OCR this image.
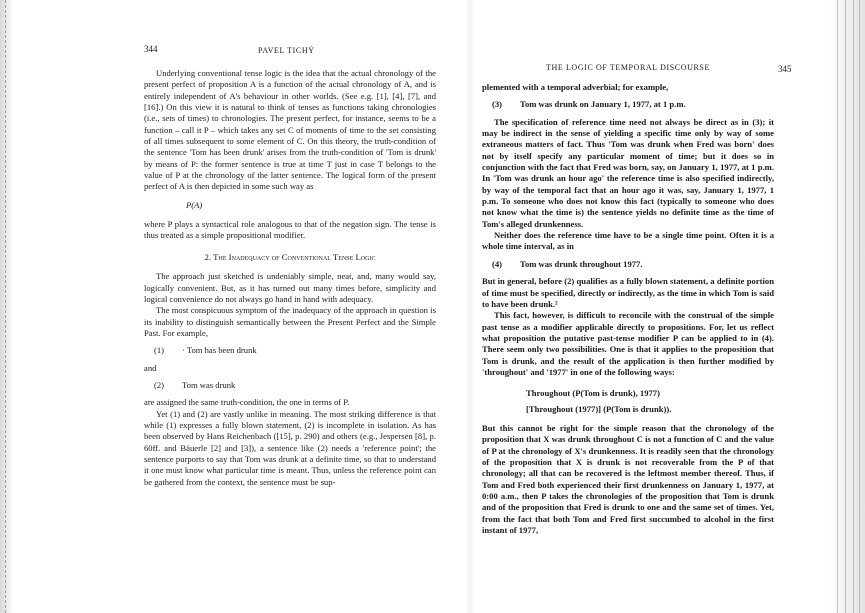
344	PAVEL TICHÝ

Underlying conventional tense logic is the idea that the actual chronology of the present perfect of proposition A is a function of the actual chronology of A, and is entirely independent of A's behaviour in other worlds. (See e.g. [1], [4], [7], and [16].) On this view it is natural to think of tenses as functions taking chronologies (i.e., sets of times) to chronologies. The present perfect, for instance, seems to be a function – call it P – which takes any set C of moments of time to the set consisting of all times subsequent to some element of C. On this theory, the truth-condition of the sentence 'Tom has been drunk' arises from the truth-condition of 'Tom is drunk' by means of P: the former sentence is true at time T just in case T belongs to the value of P at the chronology of the latter sentence. The logical form of the present perfect of A is then depicted in some such way as

P(A)

where P plays a syntactical role analogous to that of the negation sign. The tense is thus treated as a simple propositional modifier.

2. The Inadequacy of Conventional Tense Logic

The approach just sketched is undeniably simple, neat, and, many would say, logically convenient. But, as it has turned out many times before, simplicity and logical convenience do not always go hand in hand with adequacy.

The most conspicuous symptom of the inadequacy of the approach in question is its inability to distinguish semantically between the Present Perfect and the Simple Past. For example,

(1)	· Tom has been drunk
and
(2)	Tom was drunk

are assigned the same truth-condition, the one in terms of P.

Yet (1) and (2) are vastly unlike in meaning. The most striking difference is that while (1) expresses a fully blown statement, (2) is incomplete in isolation. As has been observed by Hans Reichenbach ([15], p. 290) and others (e.g., Jespersen [8], p. 60ff. and Bäuerle [2] and [3]), a sentence like (2) needs a 'reference point'; the sentence purports to say that Tom was drunk at a definite time, so that to understand it one must know what particular time is meant. Thus, unless the reference point can be gathered from the context, the sentence must be sup-

THE LOGIC OF TEMPORAL DISCOURSE	345

plemented with a temporal adverbial; for example,

(3)	Tom was drunk on January 1, 1977, at 1 p.m.

The specification of reference time need not always be direct as in (3); it may be indirect in the sense of yielding a specific time only by way of some extraneous matters of fact. Thus 'Tom was drunk when Fred was born' does not by itself specify any particular moment of time; but it does so in conjunction with the fact that Fred was born, say, on January 1, 1977, at 1 p.m. In 'Tom was drunk an hour ago' the reference time is also specified indirectly, by way of the temporal fact that an hour ago it was, say, January 1, 1977, 1 p.m. To someone who does not know this fact (typically to someone who does not know what the time is) the sentence yields no definite time as the time of Tom's alleged drunkenness.

Neither does the reference time have to be a single time point. Often it is a whole time interval, as in

(4)	Tom was drunk throughout 1977.

But in general, before (2) qualifies as a fully blown statement, a definite portion of time must be specified, directly or indirectly, as the time in which Tom is said to have been drunk.²

This fact, however, is difficult to reconcile with the construal of the simple past tense as a modifier applicable directly to propositions. For, let us reflect what proposition the putative past-tense modifier P can be applied to in (4). There seem only two possibilities. One is that it applies to the proposition that Tom is drunk, and the result of the application is then further modified by 'throughout' and '1977' in one of the following ways:

Throughout (P(Tom is drunk), 1977)
[Throughout (1977)] (P(Tom is drunk)).

But this cannot be right for the simple reason that the chronology of the proposition that X was drunk throughout C is not a function of C and the value of P at the chronology of X's drunkenness. It is readily seen that the chronology of the proposition that X is drunk is not recoverable from the P of that chronology; all that can be recovered is the leftmost member thereof. Thus, if Tom and Fred both experienced their first drunkenness on January 1, 1977, at 0:00 a.m., then P takes the chronologies of the proposition that Tom is drunk and of the proposition that Fred is drunk to one and the same set of times. Yet, from the fact that both Tom and Fred first succumbed to alcohol in the first instant of 1977,
